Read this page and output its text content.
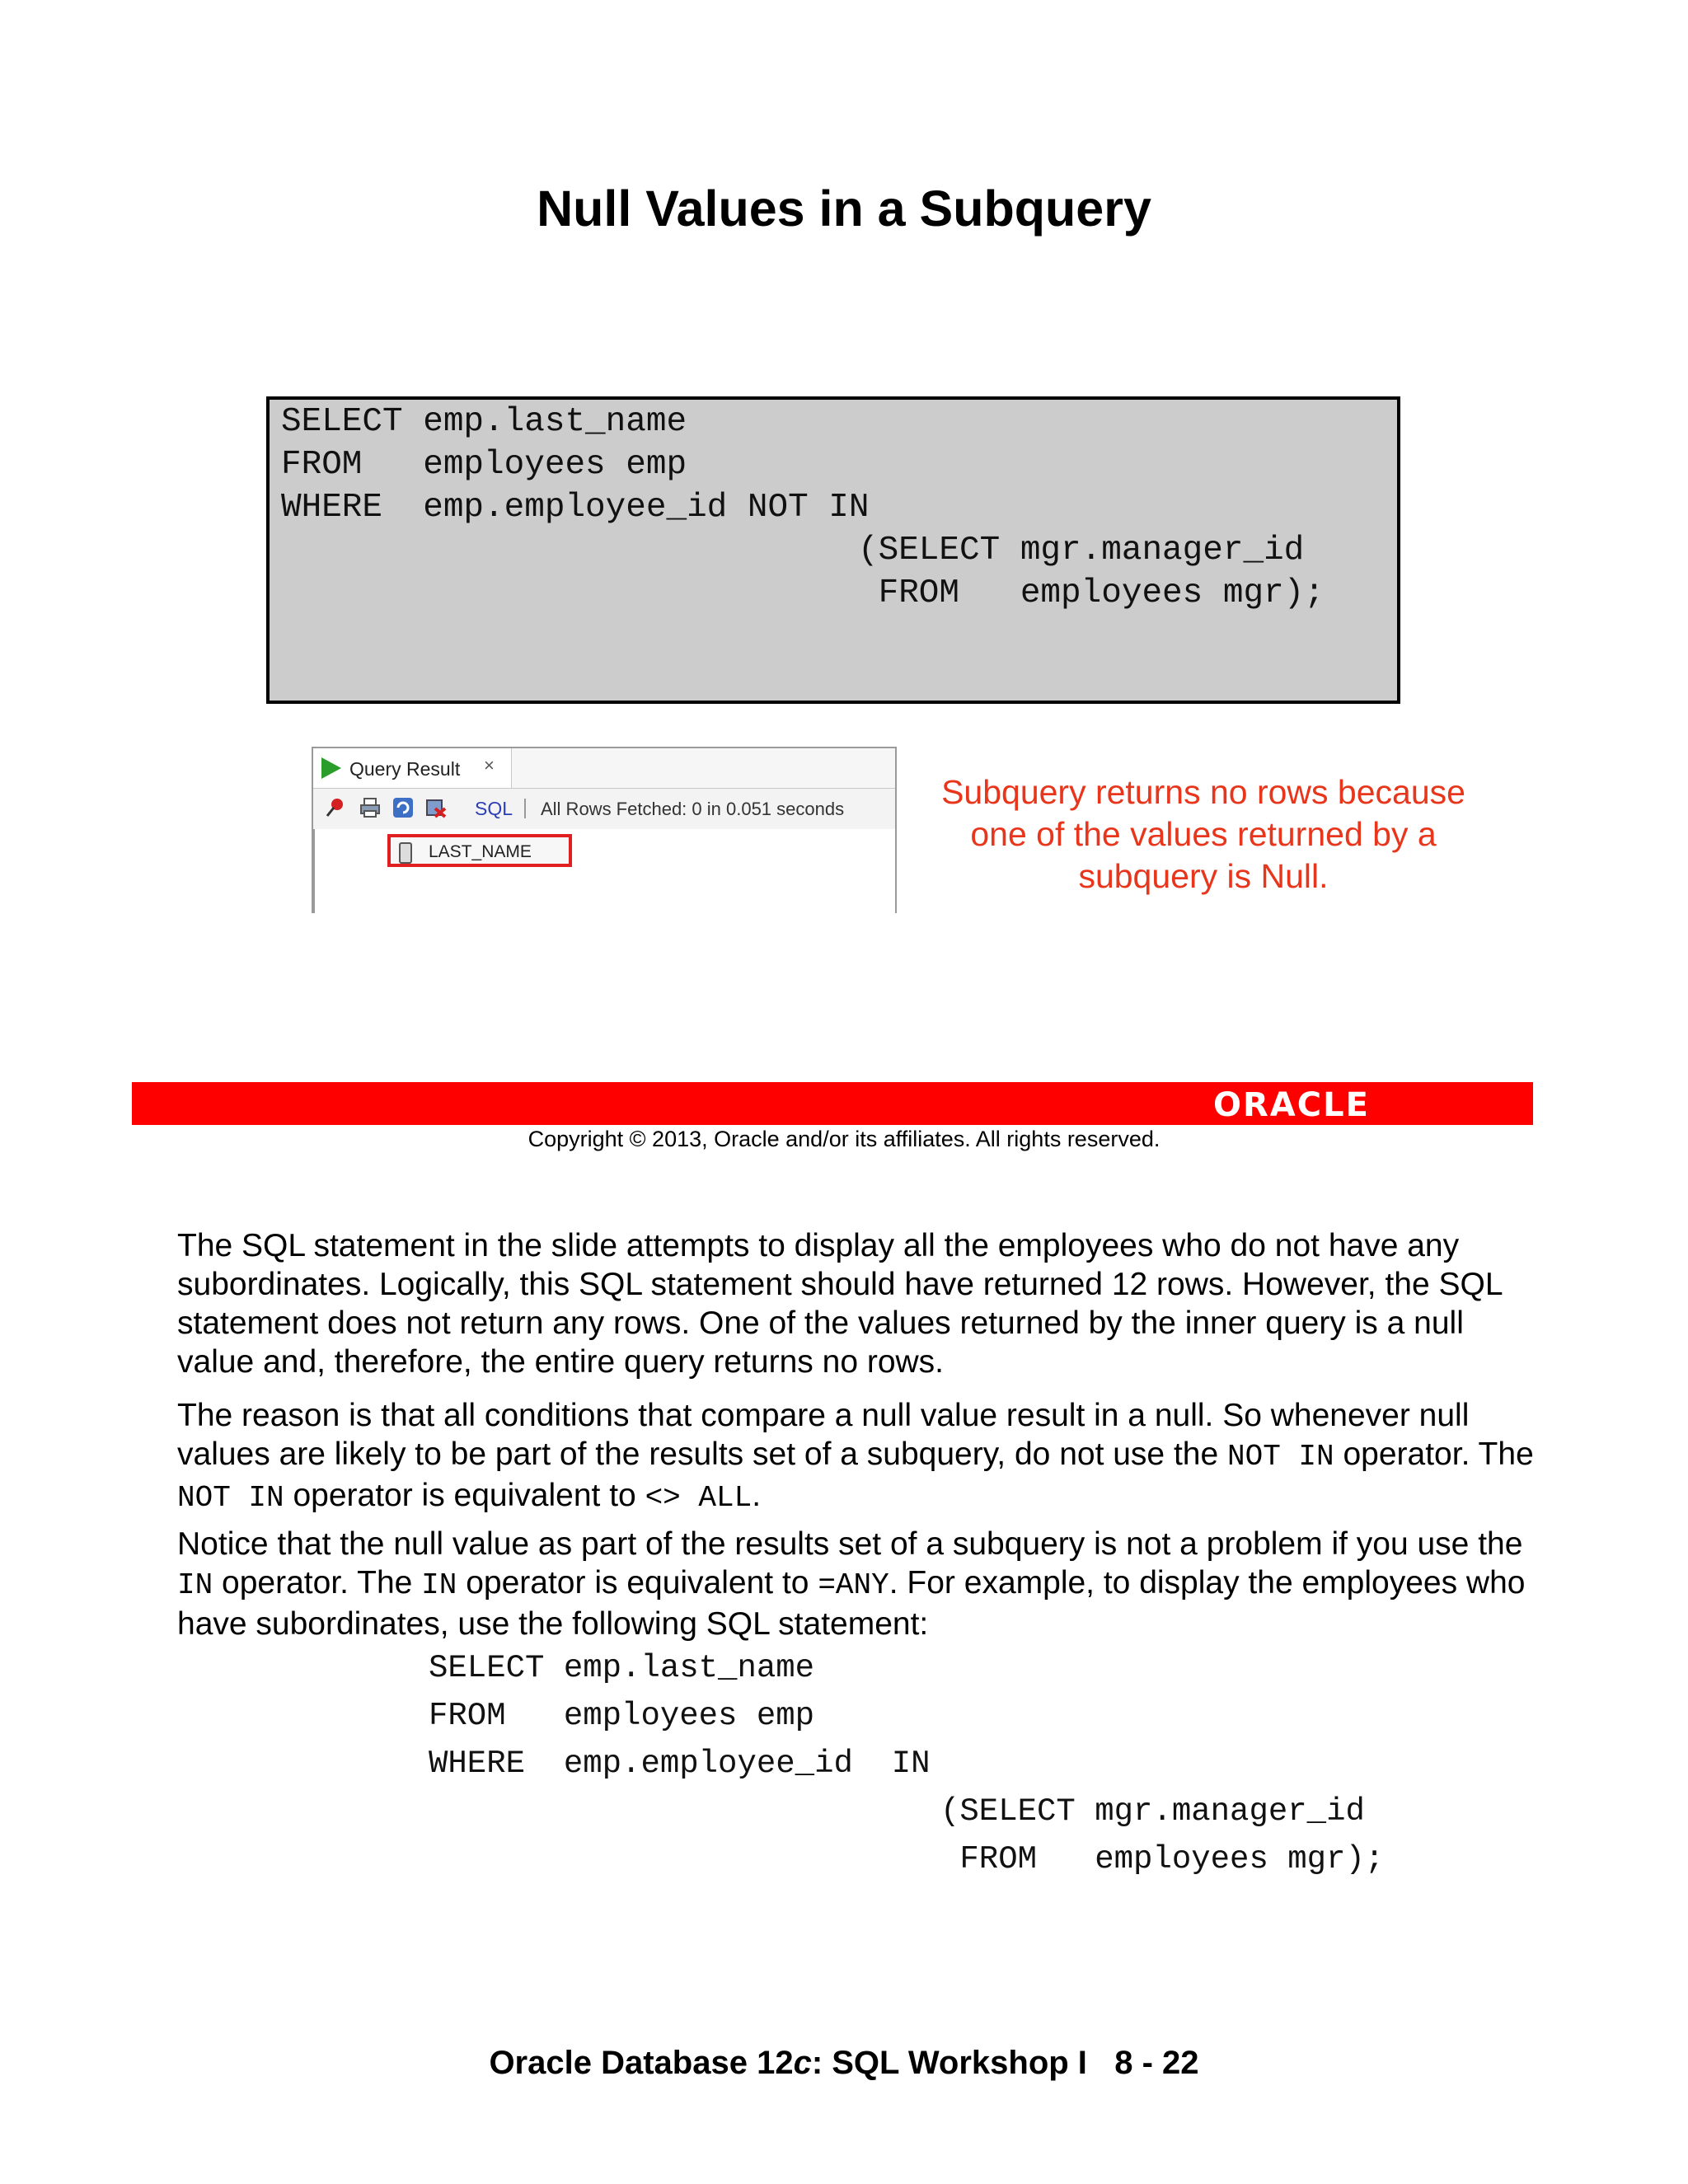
Null Values in a Subquery
SELECT emp.last_name
FROM   employees emp
WHERE  emp.employee_id NOT IN
(SELECT mgr.manager_id
FROM   employees mgr);
Query Result ×
SQL All Rows Fetched: 0 in 0.051 seconds
LAST_NAME
Subquery returns no rows because one of the values returned by a subquery is Null.
ORACLE
Copyright © 2013, Oracle and/or its affiliates. All rights reserved.
The SQL statement in the slide attempts to display all the employees who do not have any subordinates. Logically, this SQL statement should have returned 12 rows. However, the SQL statement does not return any rows. One of the values returned by the inner query is a null value and, therefore, the entire query returns no rows.
The reason is that all conditions that compare a null value result in a null. So whenever null values are likely to be part of the results set of a subquery, do not use the NOT IN operator. The NOT IN operator is equivalent to <> ALL.
Notice that the null value as part of the results set of a subquery is not a problem if you use the IN operator. The IN operator is equivalent to =ANY. For example, to display the employees who have subordinates, use the following SQL statement:
SELECT emp.last_name
FROM   employees emp
WHERE  emp.employee_id  IN
(SELECT mgr.manager_id
FROM   employees mgr);
Oracle Database 12c: SQL Workshop I   8 - 22
